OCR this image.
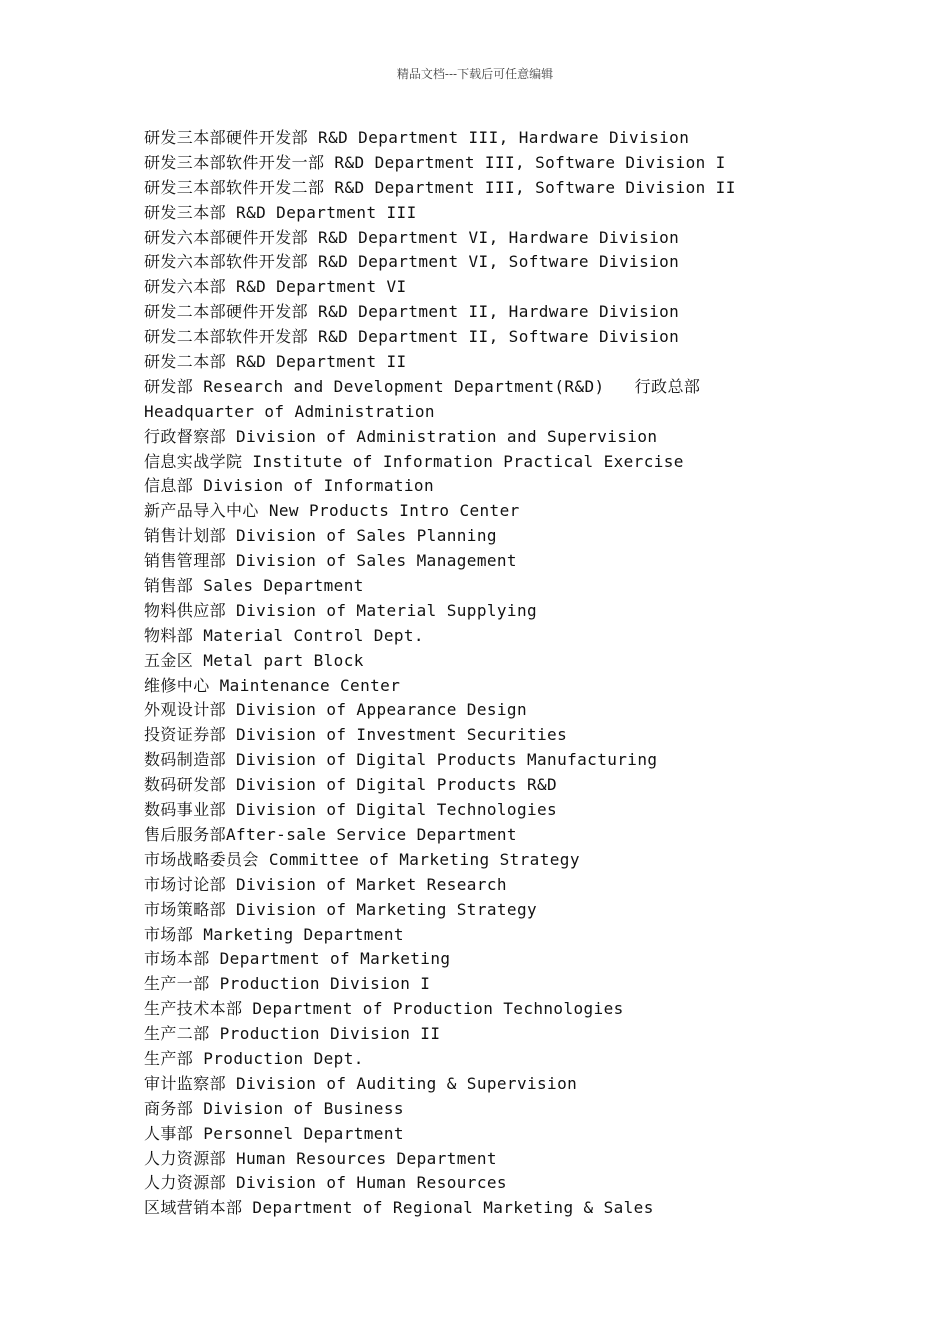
精品文档---下载后可任意编辑
研发三本部硬件开发部 R&D Department III, Hardware Division
研发三本部软件开发一部 R&D Department III, Software Division I
研发三本部软件开发二部 R&D Department III, Software Division II
研发三本部 R&D Department III
研发六本部硬件开发部 R&D Department VI, Hardware Division
研发六本部软件开发部 R&D Department VI, Software Division
研发六本部 R&D Department VI
研发二本部硬件开发部 R&D Department II, Hardware Division
研发二本部软件开发部 R&D Department II, Software Division
研发二本部 R&D Department II
研发部 Research and Development Department(R&D)   行政总部
Headquarter of Administration
行政督察部 Division of Administration and Supervision
信息实战学院 Institute of Information Practical Exercise
信息部 Division of Information
新产品导入中心 New Products Intro Center
销售计划部 Division of Sales Planning
销售管理部 Division of Sales Management
销售部 Sales Department
物料供应部 Division of Material Supplying
物料部 Material Control Dept.
五金区 Metal part Block
维修中心 Maintenance Center
外观设计部 Division of Appearance Design
投资证券部 Division of Investment Securities
数码制造部 Division of Digital Products Manufacturing
数码研发部 Division of Digital Products R&D
数码事业部 Division of Digital Technologies
售后服务部After-sale Service Department
市场战略委员会 Committee of Marketing Strategy
市场讨论部 Division of Market Research
市场策略部 Division of Marketing Strategy
市场部 Marketing Department
市场本部 Department of Marketing
生产一部 Production Division I
生产技术本部 Department of Production Technologies
生产二部 Production Division II
生产部 Production Dept.
审计监察部 Division of Auditing & Supervision
商务部 Division of Business
人事部 Personnel Department
人力资源部 Human Resources Department
人力资源部 Division of Human Resources
区域营销本部 Department of Regional Marketing & Sales
